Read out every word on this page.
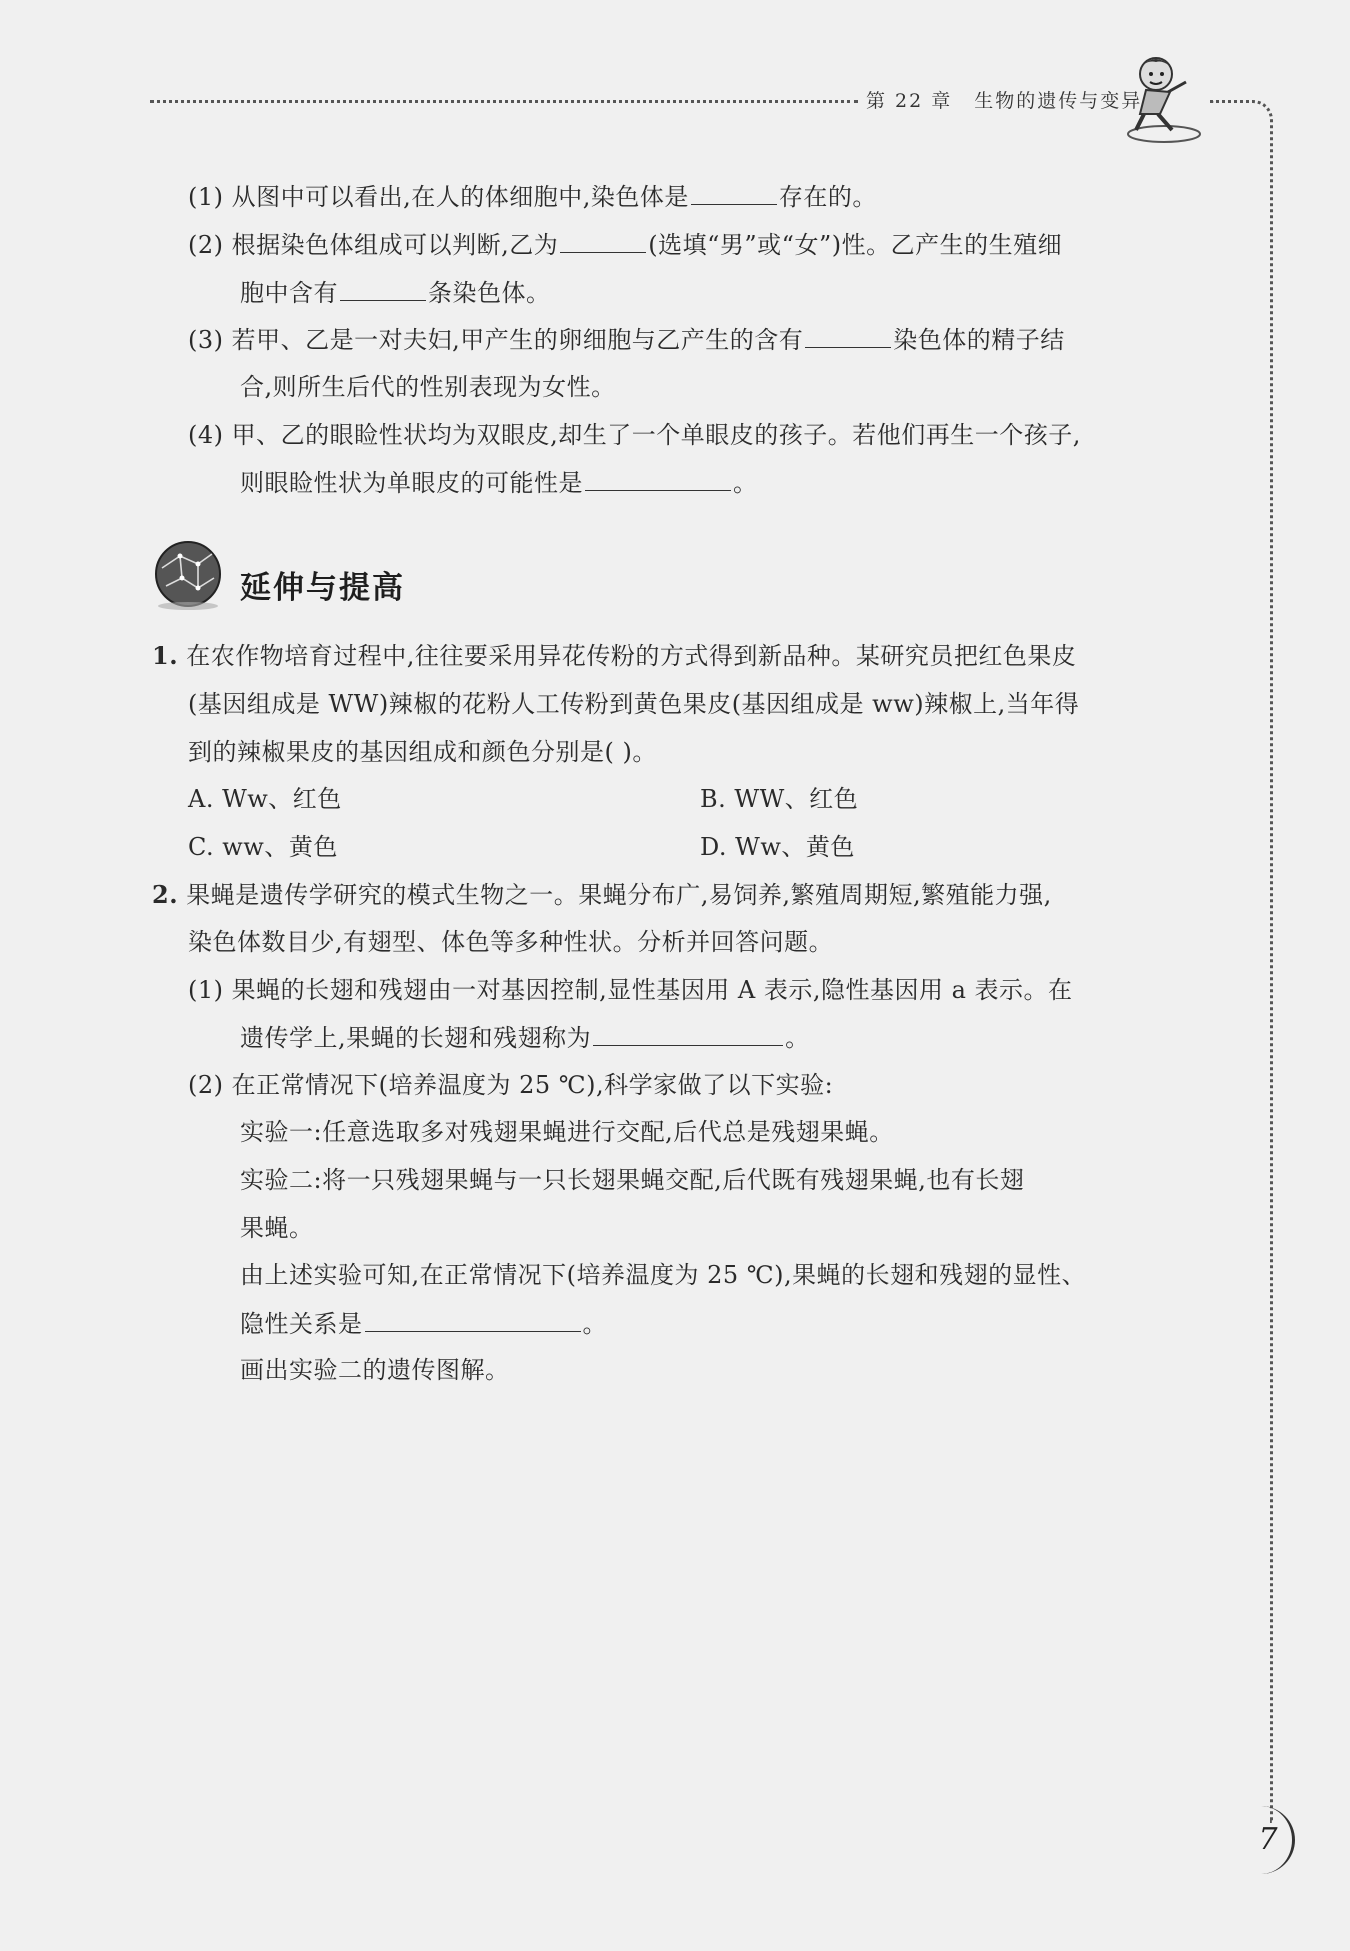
第 22 章 生物的遗传与变异
(1) 从图中可以看出,在人的体细胞中,染色体是	存在的。
(2) 根据染色体组成可以判断,乙为	(选填“男”或“女”)性。乙产生的生殖细
胞中含有	条染色体。
(3) 若甲、乙是一对夫妇,甲产生的卵细胞与乙产生的含有	染色体的精子结
合,则所生后代的性别表现为女性。
(4) 甲、乙的眼睑性状均为双眼皮,却生了一个单眼皮的孩子。若他们再生一个孩子,
则眼睑性状为单眼皮的可能性是	。
延伸与提高
1. 在农作物培育过程中,往往要采用异花传粉的方式得到新品种。某研究员把红色果皮
(基因组成是 WW)辣椒的花粉人工传粉到黄色果皮(基因组成是 ww)辣椒上,当年得
到的辣椒果皮的基因组成和颜色分别是( )。
A. Ww、红色	B. WW、红色
C. ww、黄色	D. Ww、黄色
2. 果蝇是遗传学研究的模式生物之一。果蝇分布广,易饲养,繁殖周期短,繁殖能力强,
染色体数目少,有翅型、体色等多种性状。分析并回答问题。
(1) 果蝇的长翅和残翅由一对基因控制,显性基因用 A 表示,隐性基因用 a 表示。在
遗传学上,果蝇的长翅和残翅称为	。
(2) 在正常情况下(培养温度为 25 ℃),科学家做了以下实验:
实验一:任意选取多对残翅果蝇进行交配,后代总是残翅果蝇。
实验二:将一只残翅果蝇与一只长翅果蝇交配,后代既有残翅果蝇,也有长翅
果蝇。
由上述实验可知,在正常情况下(培养温度为 25 ℃),果蝇的长翅和残翅的显性、
隐性关系是	。
画出实验二的遗传图解。
7
